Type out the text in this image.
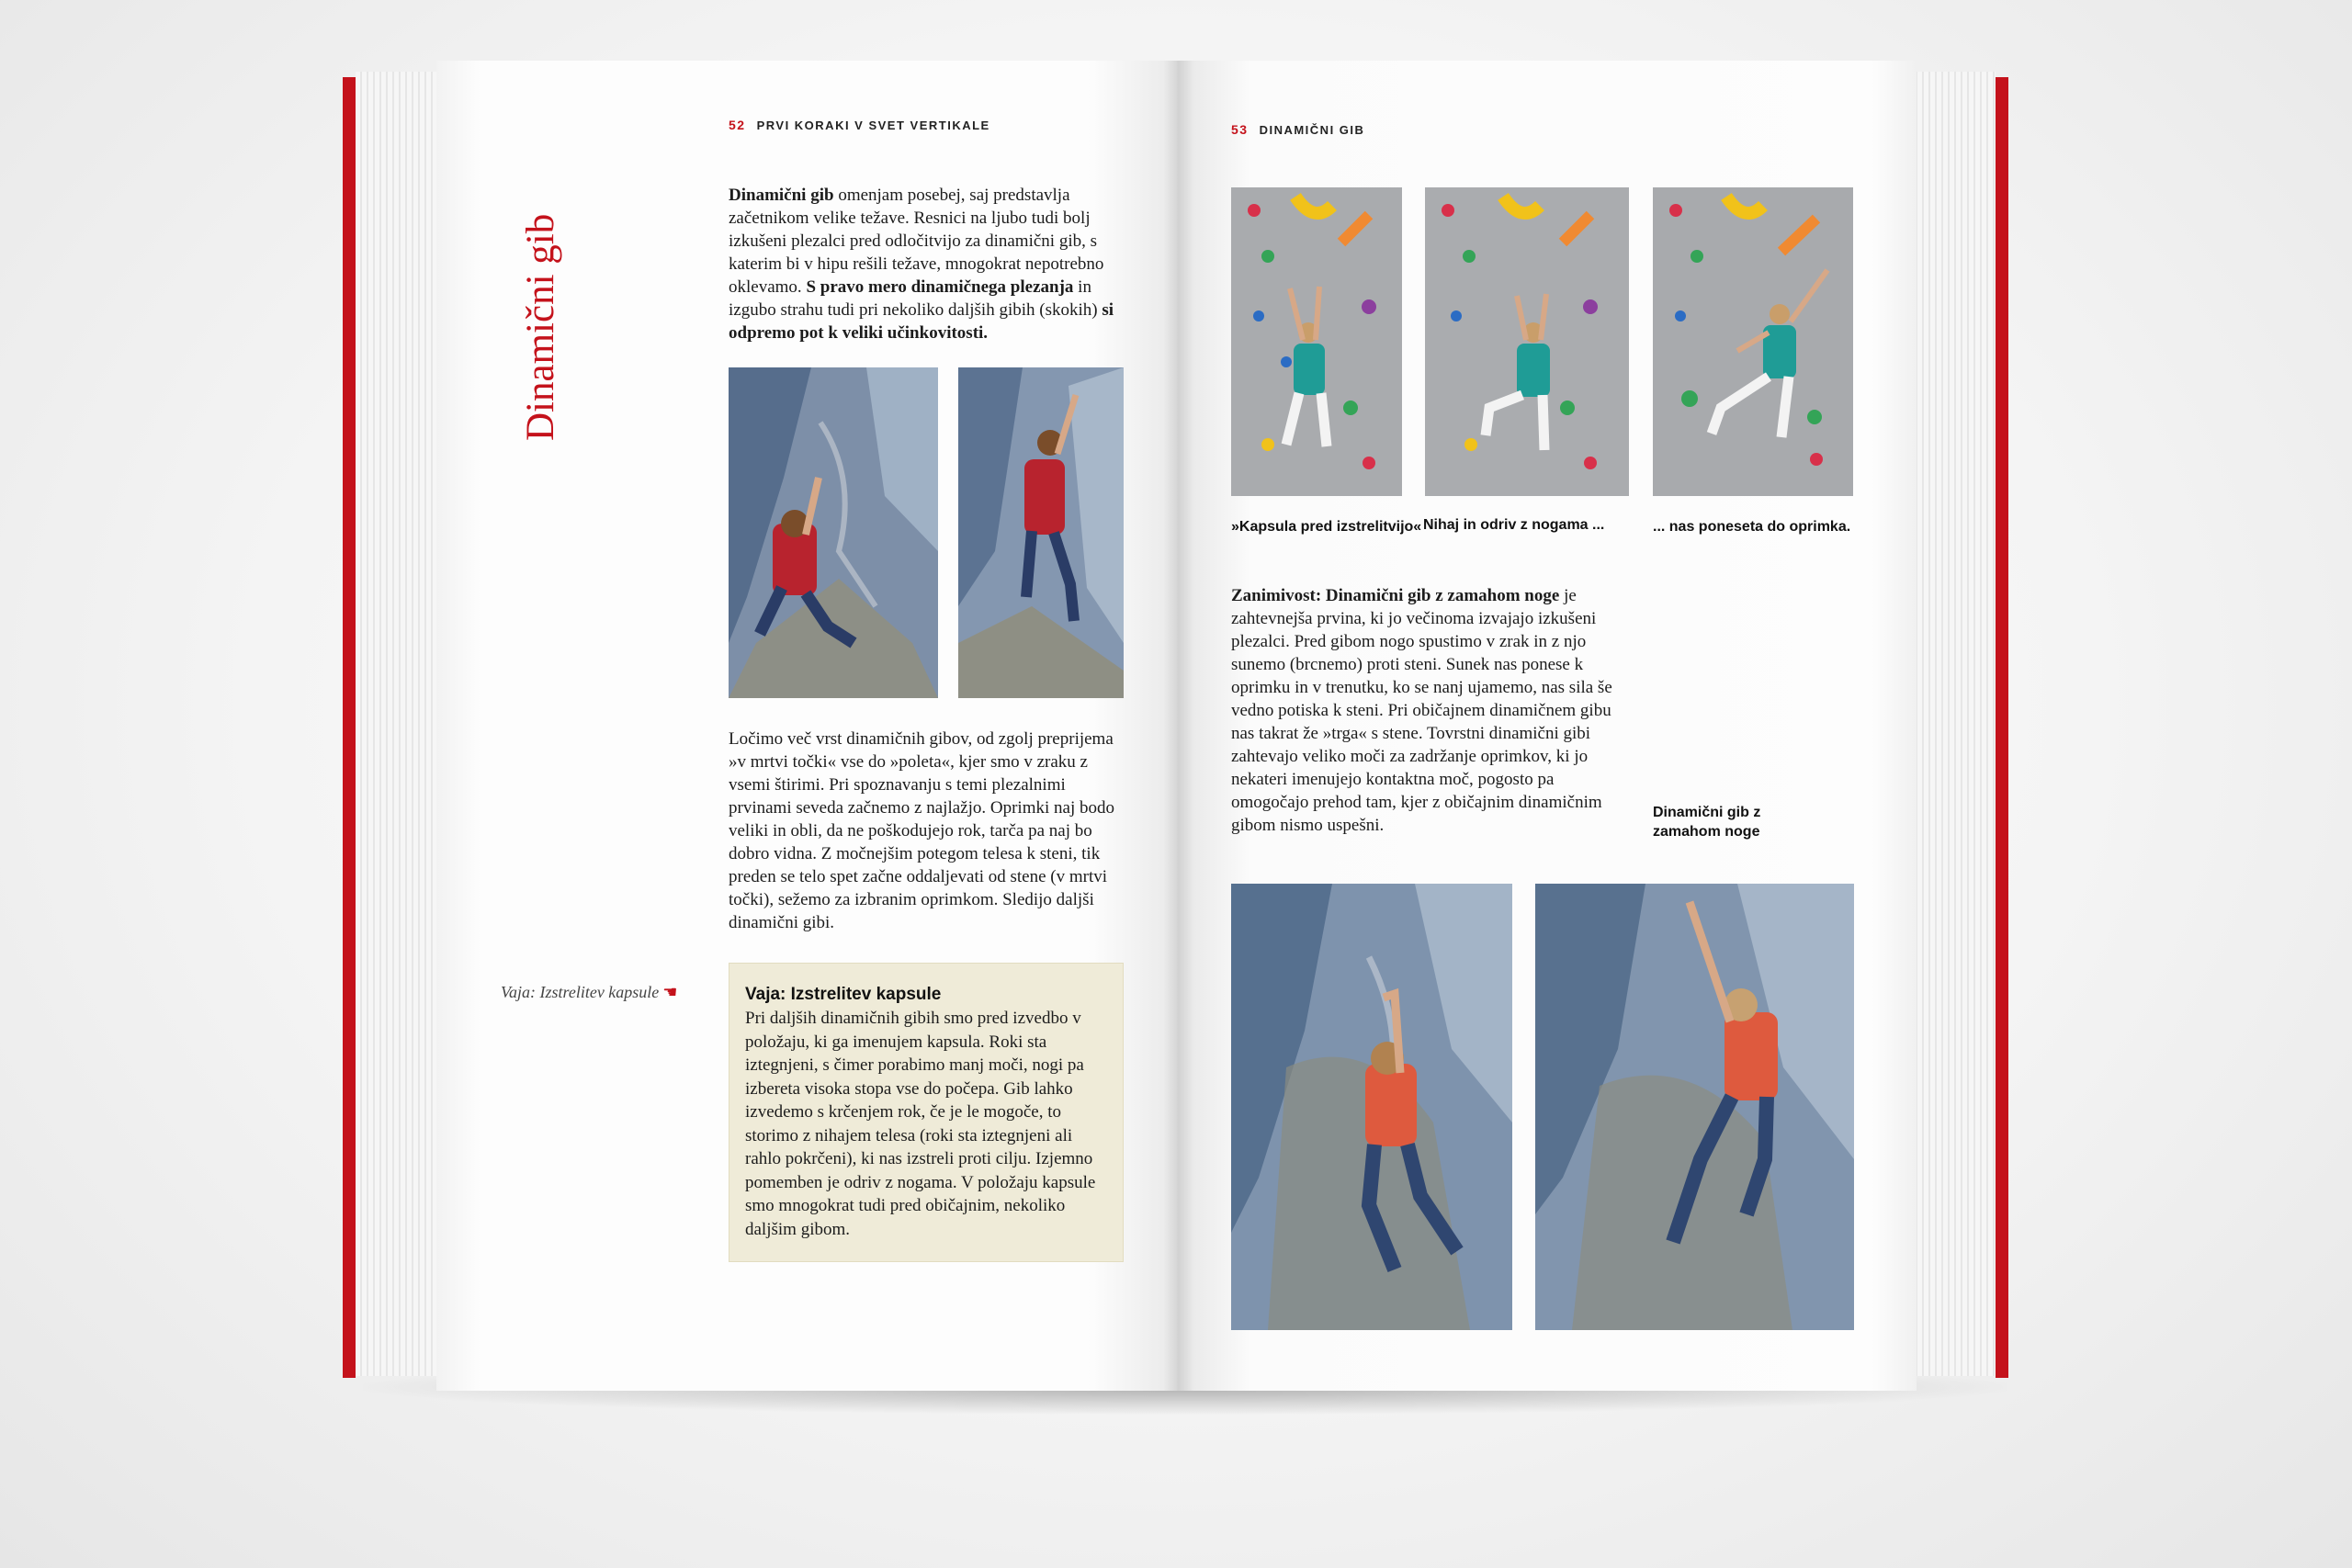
52 PRVI KORAKI V SVET VERTIKALE
Dinamični gib
Dinamični gib omenjam posebej, saj predstavlja začetnikom velike težave. Resnici na ljubo tudi bolj izkušeni plezalci pred odločitvijo za dinamični gib, s katerim bi v hipu rešili težave, mnogokrat nepotrebno oklevamo. S pravo mero dinamičnega plezanja in izgubo strahu tudi pri nekoliko daljših gibih (skokih) si odpremo pot k veliki učinkovitosti.
Ločimo več vrst dinamičnih gibov, od zgolj preprijema »v mrtvi točki« vse do »poleta«, kjer smo v zraku z vsemi štirimi. Pri spoznavanju s temi plezalnimi prvinami seveda začnemo z najlažjo. Oprimki naj bodo veliki in obli, da ne poškodujejo rok, tarča pa naj bo dobro vidna. Z močnejšim potegom telesa k steni, tik preden se telo spet začne oddaljevati od stene (v mrtvi točki), sežemo za izbranim oprimkom. Sledijo daljši dinamični gibi.
Vaja: Izstrelitev kapsule ☚	Vaja: Izstrelitev kapsule
Pri daljših dinamičnih gibih smo pred izvedbo v položaju, ki ga imenujem kapsula. Roki sta iztegnjeni, s čimer porabimo manj moči, nogi pa izbereta visoka stopa vse do počepa. Gib lahko izvedemo s krčenjem rok, če je le mogoče, to storimo z nihajem telesa (roki sta iztegnjeni ali rahlo pokrčeni), ki nas izstreli proti cilju. Izjemno pomemben je odriv z nogama. V položaju kapsule smo mnogokrat tudi pred običajnim, nekoliko daljšim gibom.
53 DINAMIČNI GIB
»Kapsula pred izstrelitvijo« Nihaj in odriv z nogama ...	... nas poneseta do oprimka.
Zanimivost: Dinamični gib z zamahom noge je zahtevnejša prvina, ki jo večinoma izvajajo izkušeni plezalci. Pred gibom nogo spustimo v zrak in z njo sunemo (brcnemo) proti steni. Sunek nas ponese k oprimku in v trenutku, ko se nanj ujamemo, nas sila še vedno potiska k steni. Pri običajnem dinamičnem gibu nas takrat že »trga« s stene. Tovrstni dinamični gibi zahtevajo veliko moči za zadržanje oprimkov, ki jo nekateri imenujejo kontaktna moč, pogosto pa omogočajo prehod tam, kjer z običajnim dinamičnim gibom nismo uspešni.
Dinamični gib z zamahom noge
